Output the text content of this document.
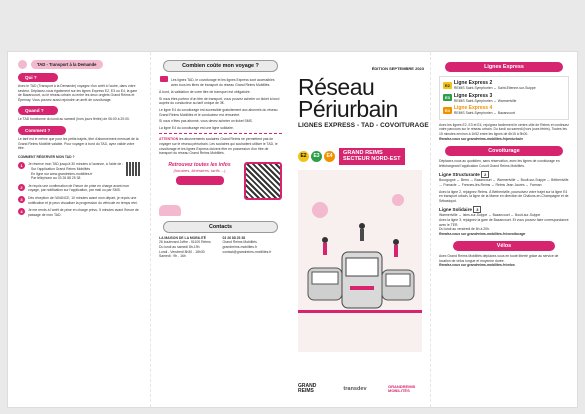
TAD - Transport à la Demande
Qui ?
Avec le TAD (Transport à la Demande) voyagez d'un arrêt à l'autre, dans votre secteur. Déplacez-vous également sur les lignes Express E2, E3 ou E4, la gare de Bazancourt, ou le réseau urbain ou entre les deux onglets Grand Reims et Épernay. Vous pouvez aussi rejoindre un arrêt de covoiturage.
Quand ?
Le TAD fonctionne du lundi au samedi (hors jours fériés) de 06:00 à 20:00.
Comment ?
Le tarif est le même que pour les petits trajets, titre d'abonnement mensuel de la Grand Reims Mobilité valable. Pour voyager à bord du TAD, ayez validé votre titre.
COMMENT RÉSERVER MON TAD ?
1	Je réserve mon TAD jusqu'à 30 minutes à l'avance, à l'aide de :
Sur l'application Grand Reims Mobilités
En ligne sur www.grandreims-mobilites.fr
Par téléphone au 03 26 88 25 38
2	Je reçois une confirmation de l'heure de prise en charge avant mon voyage, par notification sur l'application, par mail ou par SMS.
3	Dès réception de l'AVANCE, 10 minutes avant mon départ, je reçois une notification et je peux visualiser la progression du véhicule en temps réel.
4	Je me rends à l'arrêt de prise en charge prévu, 5 minutes avant l'heure de passage de mon TAD.
Combien coûte mon voyage ?
Les lignes TAD, le covoiturage et les lignes Express sont accessibles avec tous les titres de transport du réseau Grand Reims Mobilités.
À bord, la validation de votre titre de transport est obligatoire.
Si vous êtes porteur d'un titre de transport, vous pouvez acheter un ticket à bord auprès du conducteur au tarif unique de 3€.
Le ligne E4 du covoiturage est accessible gratuitement aux abonnés du réseau Grand Reims Mobilités et le conducteur est rémunéré.
Si vous n'êtes pas abonné, vous devez acheter un ticket SMS.
La ligne E4 du covoiturage est une ligne solidaire.
ATTENTION les abonnements scolaires Grand Reims ne permettent pas de voyager sur le réseau périurbain. Les scolaires qui souhaitent utiliser le TAD, le covoiturage et les lignes Express doivent être en possession d'un titre de transport du réseau Grand Reims Mobilités.
Retrouvez toutes les infos
(horaires, itinéraires, tarifs ...)
Contacts
LA MAISON DE LA MOBILITÉ
26 boulevard Joffre - 51100 Reims
Du lundi au samedi 8h-19h
Lundi - Vendredi 8h30 - 18h30
Samedi : 9h - 16h
03 26 88 25 38
Grand Reims Mobilités
grandreims-mobilites.fr
contact@grandreims-mobilites.fr
ÉDITION SEPTEMBRE 2023
Réseau
Périurbain
LIGNES EXPRESS - TAD - COVOITURAGE
E2	E3	E4	GRAND REIMS
SECTEUR NORD-EST
GRAND REIMS	transdev
GRANDREIMS MOBILITÉS
Lignes Express
E2 Ligne Express 2
REIMS Saint-Symphorien ↔ Saint-Etienne-sur-Suippe
E3 Ligne Express 3
REIMS Saint-Symphorien ↔ Warmeriville
E4 Ligne Express 4
REIMS Saint-Symphorien ↔ Bazancourt
Avec les lignes E2, E3 et E4, rejoignez facilement le centre-ville de Reims et continuez votre parcours sur le réseau urbain. Du lundi au samedi (hors jours fériés). Toutes les 15 minutes environ à 1h52 entre les lignes de 6h15 à 9h00.
Rendez-vous sur grandreims-mobilites.fr/periurbain
Covoiturage
Déplacez-vous au quotidien, sans réservation, avec les lignes de covoiturage en téléchargeant l'application Covoit Grand Reims Mobilités.
Ligne Structurante 2
Bourgogne ↔ Berru ↔ Bazancourt ↔ Warmeriville ↔ Boult-sur-Suippe ↔ Bétheniville ↔ Pomacle ↔ Fresnes-lès-Reims ↔ Reims Jean Jaurès ↔ Farman
Avec la ligne 2, rejoignez Reims. À Bétheniville, poursuivez votre trajet sur la ligne E4 en transport urbain, la ligne de la Marne en direction de Châlons-en-Champagne et de Sébastopol.
Ligne Solidaire 3
Warmeriville ↔ Isles-sur-Suippe ↔ Bazancourt ↔ Boult-sur-Suippe
Avec la ligne 3, rejoignez la gare de Bazancourt. Et vous pouvez faire correspondance avec le TER.
Du lundi au vendredi de 6h à 20h.
Rendez-vous sur grandreims-mobilites.fr/covoiturage
Vélos
Avec Grand Reims Mobilités déplacez-vous en toute liberté grâce au service de location de vélos longue et moyenne durée.
Rendez-vous sur grandreims-mobilites.fr/velos
